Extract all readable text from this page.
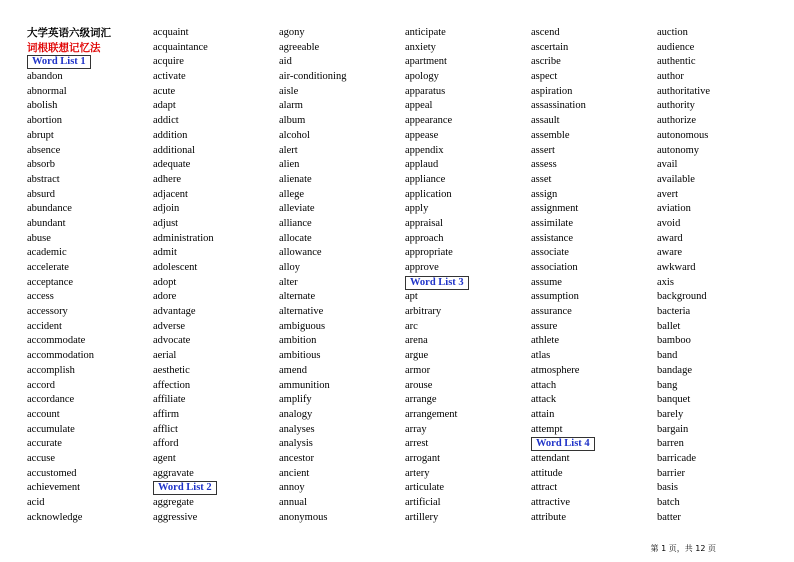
大学英语六级词汇
词根联想记忆法
Word List 1
abandon
abnormal
abolish
abortion
abrupt
absence
absorb
abstract
absurd
abundance
abundant
abuse
academic
accelerate
acceptance
access
accessory
accident
accommodate
accommodation
accomplish
accord
accordance
account
accumulate
accurate
accuse
accustomed
achievement
acid
acknowledge
acquaint
acquaintance
acquire
activate
acute
adapt
addict
addition
additional
adequate
adhere
adjacent
adjoin
adjust
administration
admit
adolescent
adopt
adore
advantage
adverse
advocate
aerial
aesthetic
affection
affiliate
affirm
afflict
afford
agent
aggravate
Word List 2
aggregate
aggressive
agony
agreeable
aid
air-conditioning
aisle
alarm
album
alcohol
alert
alien
alienate
allege
alleviate
alliance
allocate
allowance
alloy
alter
alternate
alternative
ambiguous
ambition
ambitious
amend
ammunition
amplify
analogy
analyses
analysis
ancestor
ancient
annoy
annual
anonymous
anticipate
anxiety
apartment
apology
apparatus
appeal
appearance
appease
appendix
applaud
appliance
application
apply
appraisal
approach
appropriate
approve
Word List 3
apt
arbitrary
arc
arena
argue
armor
arouse
arrange
arrangement
array
arrest
arrogant
artery
articulate
artificial
artillery
ascend
ascertain
ascribe
aspect
aspiration
assassination
assault
assemble
assert
assess
asset
assign
assignment
assimilate
assistance
associate
association
assume
assumption
assurance
assure
athlete
atlas
atmosphere
attach
attack
attain
attempt
Word List 4
attendant
attitude
attract
attractive
attribute
auction
audience
authentic
author
authoritative
authority
authorize
autonomous
autonomy
avail
available
avert
aviation
avoid
award
aware
awkward
axis
background
bacteria
ballet
bamboo
band
bandage
bang
banquet
barely
bargain
barren
barricade
barrier
basis
batch
batter
第 1 页，共 12 页
